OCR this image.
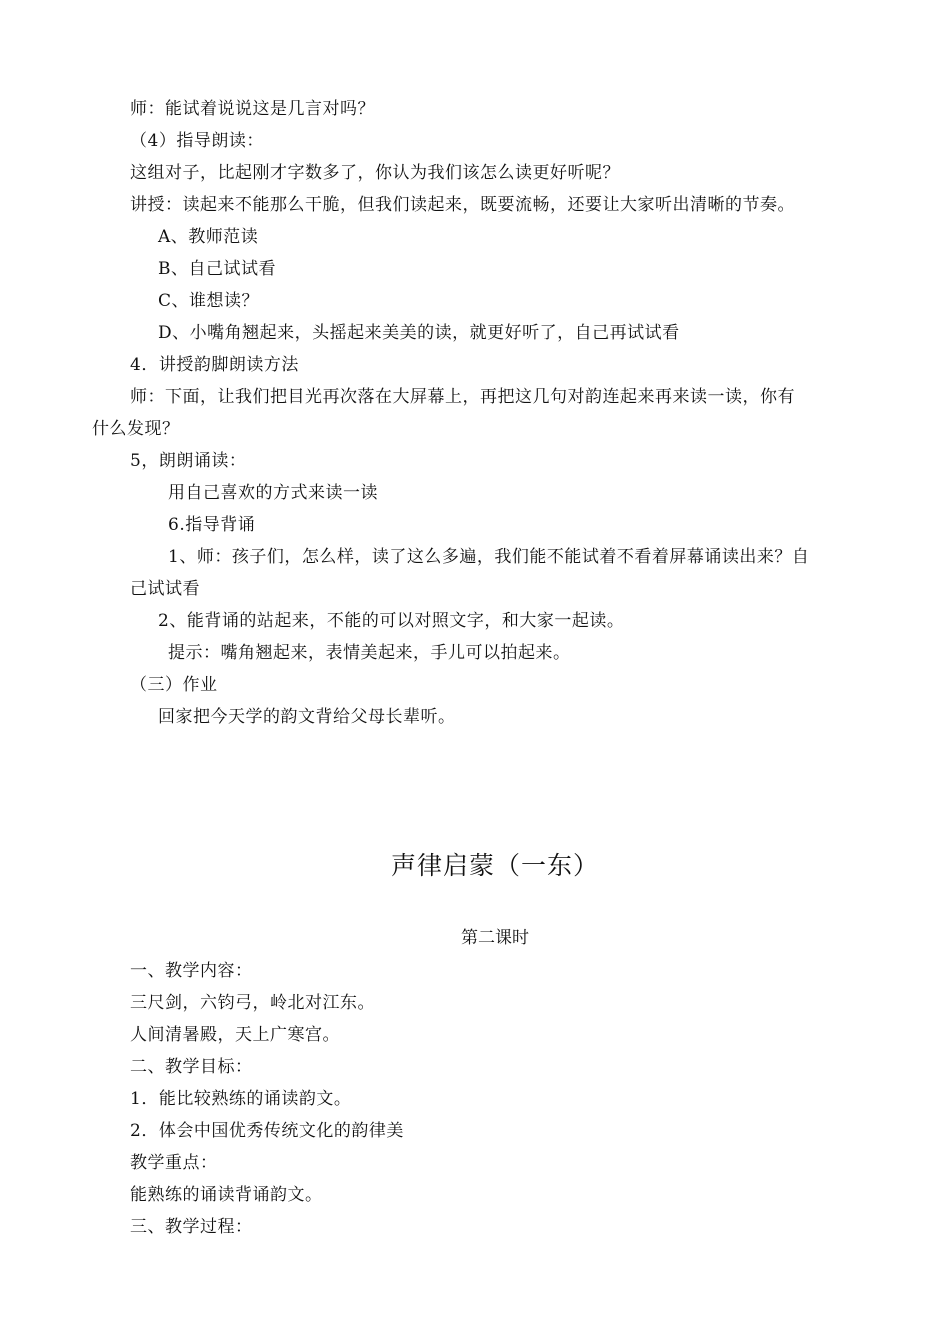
师：能试着说说这是几言对吗？
（4）指导朗读：
这组对子，比起刚才字数多了，你认为我们该怎么读更好听呢？
讲授：读起来不能那么干脆，但我们读起来，既要流畅，还要让大家听出清晰的节奏。
A、教师范读
B、自己试试看
C、谁想读？
D、小嘴角翘起来，头摇起来美美的读，就更好听了，自己再试试看
4．讲授韵脚朗读方法
师：下面，让我们把目光再次落在大屏幕上，再把这几句对韵连起来再来读一读，你有
什么发现？
5，朗朗诵读：
用自己喜欢的方式来读一读
6.指导背诵
1、师：孩子们，怎么样，读了这么多遍，我们能不能试着不看着屏幕诵读出来？自
己试试看
2、能背诵的站起来，不能的可以对照文字，和大家一起读。
提示：嘴角翘起来，表情美起来，手儿可以拍起来。
（三）作业
回家把今天学的韵文背给父母长辈听。
声律启蒙（一东）
第二课时
一、教学内容：
三尺剑，六钧弓，岭北对江东。
人间清暑殿，天上广寒宫。
二、教学目标：
1．能比较熟练的诵读韵文。
2．体会中国优秀传统文化的韵律美
教学重点：
能熟练的诵读背诵韵文。
三、教学过程：
